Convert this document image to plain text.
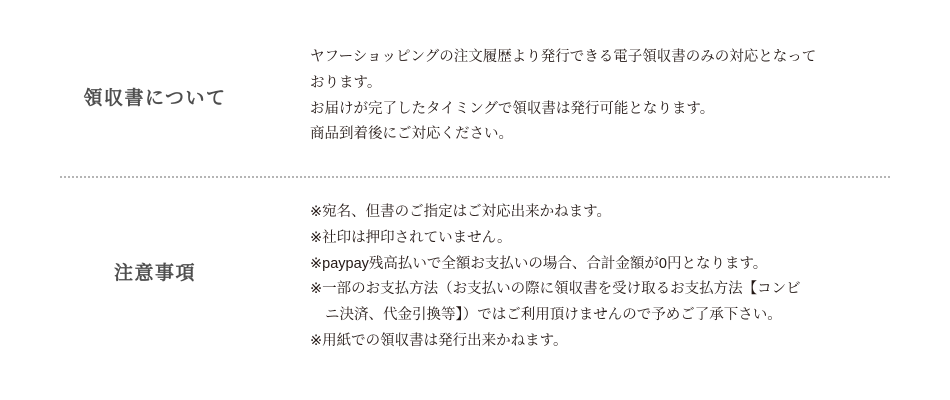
領収書について
ヤフーショッピングの注文履歴より発行できる電子領収書のみの対応となって
おります。
お届けが完了したタイミングで領収書は発行可能となります。
商品到着後にご対応ください。
注意事項
※宛名、但書のご指定はご対応出来かねます。
※社印は押印されていません。
※paypay残高払いで全額お支払いの場合、合計金額が0円となります。
※一部のお支払方法（お支払いの際に領収書を受け取るお支払方法【コンビ
ニ決済、代金引換等】）ではご利用頂けませんので予めご了承下さい。
※用紙での領収書は発行出来かねます。
